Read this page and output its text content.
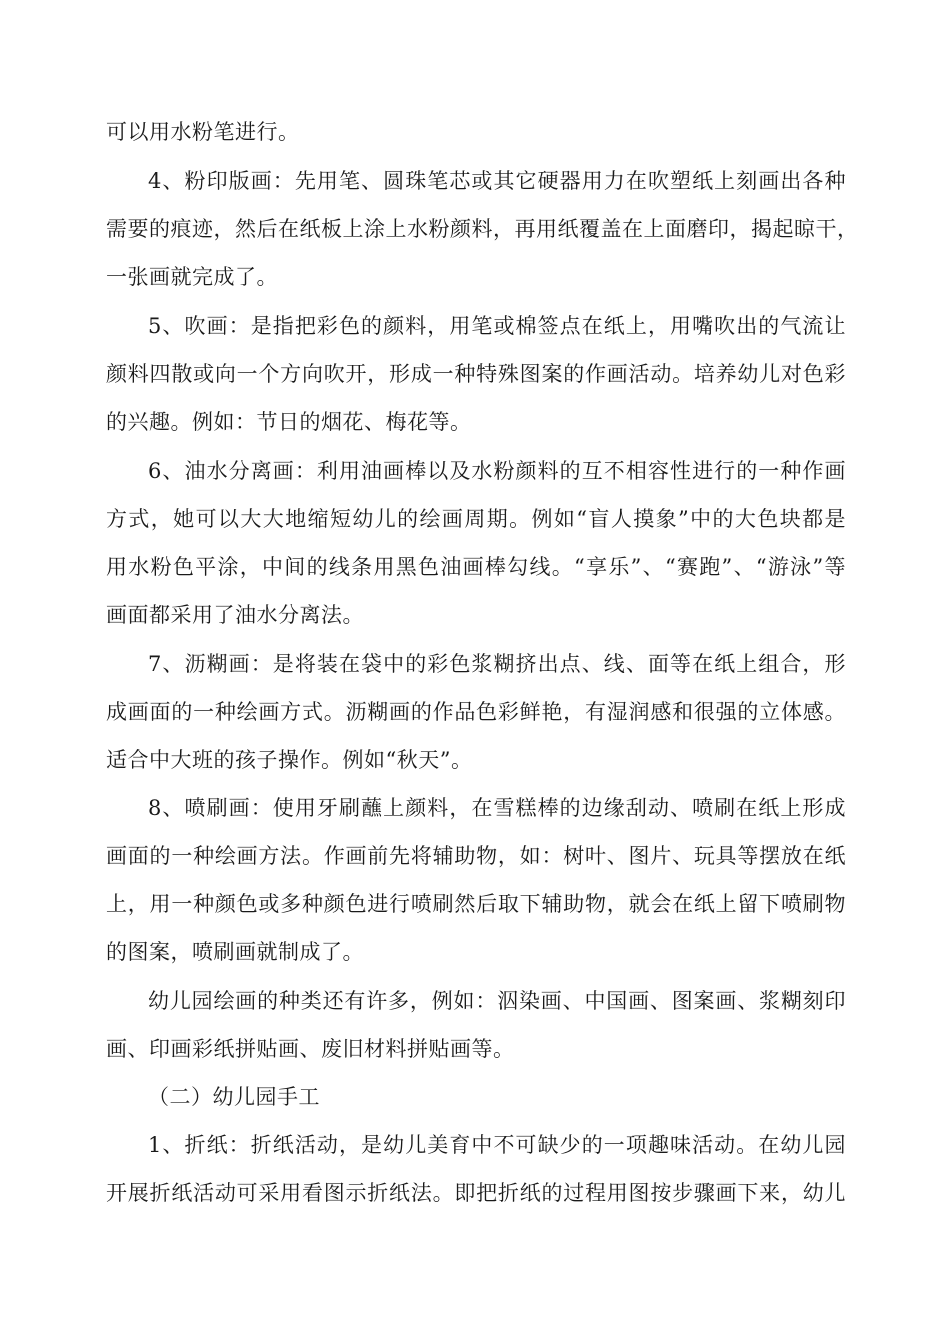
可以用水粉笔进行。
4、粉印版画：先用笔、圆珠笔芯或其它硬器用力在吹塑纸上刻画出各种
需要的痕迹，然后在纸板上涂上水粉颜料，再用纸覆盖在上面磨印，揭起晾干，
一张画就完成了。
5、吹画：是指把彩色的颜料，用笔或棉签点在纸上，用嘴吹出的气流让
颜料四散或向一个方向吹开，形成一种特殊图案的作画活动。培养幼儿对色彩
的兴趣。例如：节日的烟花、梅花等。
6、油水分离画：利用油画棒以及水粉颜料的互不相容性进行的一种作画
方式，她可以大大地缩短幼儿的绘画周期。例如“盲人摸象”中的大色块都是
用水粉色平涂，中间的线条用黑色油画棒勾线。“享乐”、“赛跑”、“游泳”等
画面都采用了油水分离法。
7、沥糊画：是将装在袋中的彩色浆糊挤出点、线、面等在纸上组合，形
成画面的一种绘画方式。沥糊画的作品色彩鲜艳，有湿润感和很强的立体感。
适合中大班的孩子操作。例如“秋天”。
8、喷刷画：使用牙刷蘸上颜料，在雪糕棒的边缘刮动、喷刷在纸上形成
画面的一种绘画方法。作画前先将辅助物，如：树叶、图片、玩具等摆放在纸
上，用一种颜色或多种颜色进行喷刷然后取下辅助物，就会在纸上留下喷刷物
的图案，喷刷画就制成了。
幼儿园绘画的种类还有许多，例如：泅染画、中国画、图案画、浆糊刻印
画、印画彩纸拼贴画、废旧材料拼贴画等。
（二）幼儿园手工
1、折纸：折纸活动，是幼儿美育中不可缺少的一项趣味活动。在幼儿园
开展折纸活动可采用看图示折纸法。即把折纸的过程用图按步骤画下来，幼儿
